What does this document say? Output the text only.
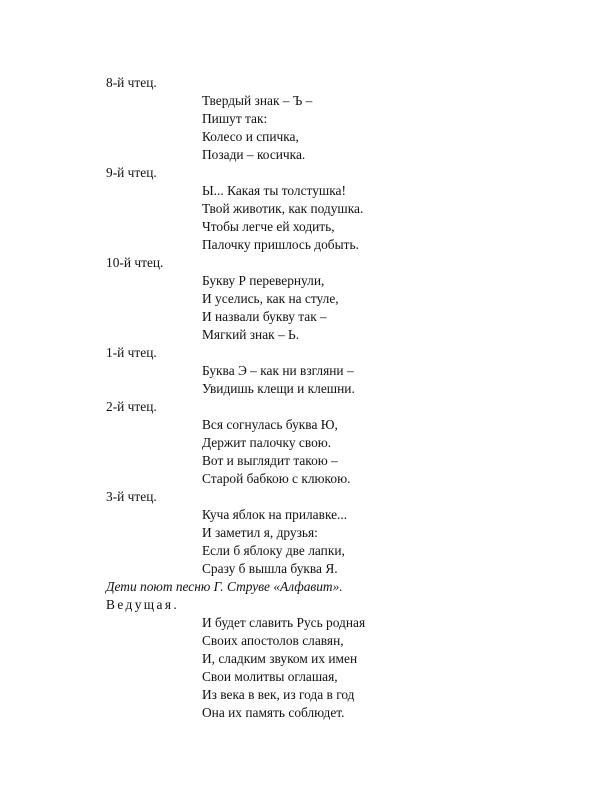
8-й чтец.
Твердый знак – Ъ –
Пишут так:
Колесо и спичка,
Позади – косичка.
9-й чтец.
Ы... Какая ты толстушка!
Твой животик, как подушка.
Чтобы легче ей ходить,
Палочку пришлось добыть.
10-й чтец.
Букву Р перевернули,
И уселись, как на стуле,
И назвали букву так –
Мягкий знак – Ь.
1-й чтец.
Буква Э – как ни взгляни –
Увидишь клещи и клешни.
2-й чтец.
Вся согнулась буква Ю,
Держит палочку свою.
Вот и выглядит такою –
Старой бабкою с клюкою.
3-й чтец.
Куча яблок на прилавке...
И заметил я, друзья:
Если б яблоку две лапки,
Сразу б вышла буква Я.
Дети поют песню Г. Струве «Алфавит».
Ведущая.
И будет славить Русь родная
Своих апостолов славян,
И, сладким звуком их имен
Свои молитвы оглашая,
Из века в век, из года в год
Она их память соблюдет.
